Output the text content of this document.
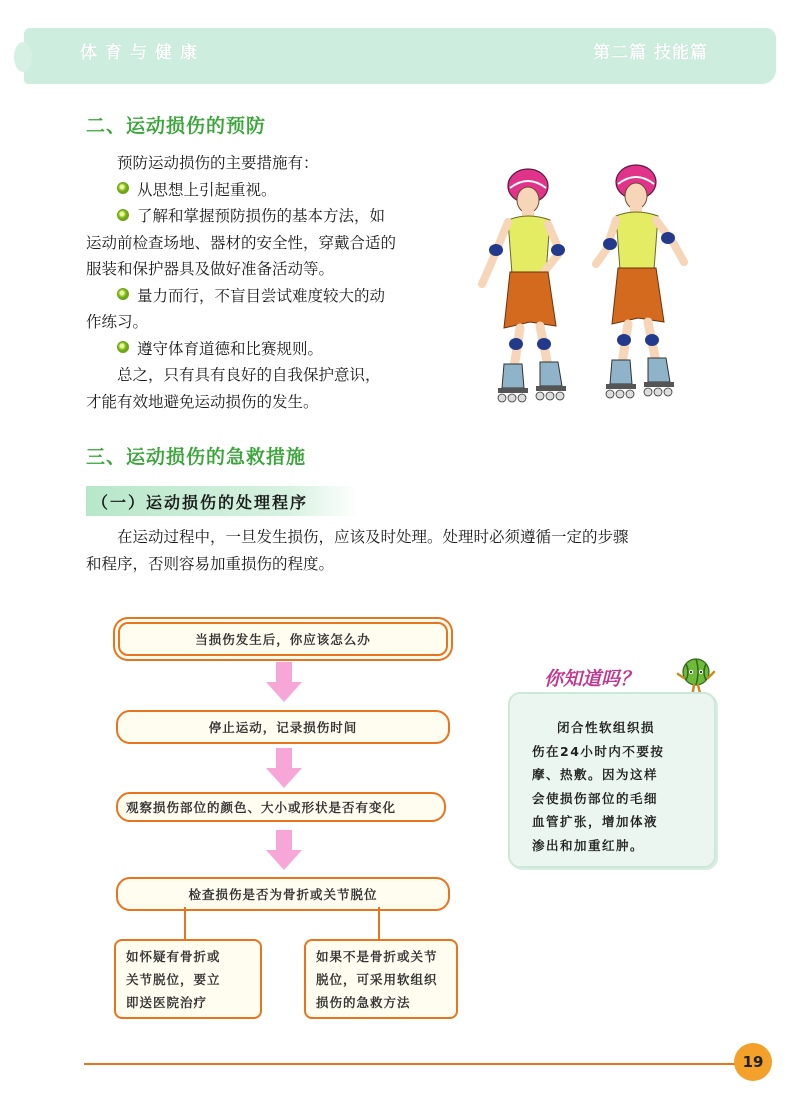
体育与健康	第二篇 技能篇
二、运动损伤的预防

预防运动损伤的主要措施有：

从思想上引起重视。

了解和掌握预防损伤的基本方法，如

运动前检查场地、器材的安全性，穿戴合适的

服装和保护器具及做好准备活动等。

量力而行，不盲目尝试难度较大的动

作练习。

遵守体育道德和比赛规则。

总之，只有具有良好的自我保护意识，

才能有效地避免运动损伤的发生。

三、运动损伤的急救措施
（一）运动损伤的处理程序

在运动过程中，一旦发生损伤，应该及时处理。处理时必须遵循一定的步骤

和程序，否则容易加重损伤的程度。

当损伤发生后，你应该怎么办
停止运动，记录损伤时间
观察损伤部位的颜色、大小或形状是否有变化
检查损伤是否为骨折或关节脱位
如怀疑有骨折或
关节脱位，要立
即送医院治疗
如果不是骨折或关节
脱位，可采用软组织
损伤的急救方法
你知道吗？

闭合性软组织损

伤在24小时内不要按
摩、热敷。因为这样
会使损伤部位的毛细
血管扩张，增加体液
渗出和加重红肿。
19
